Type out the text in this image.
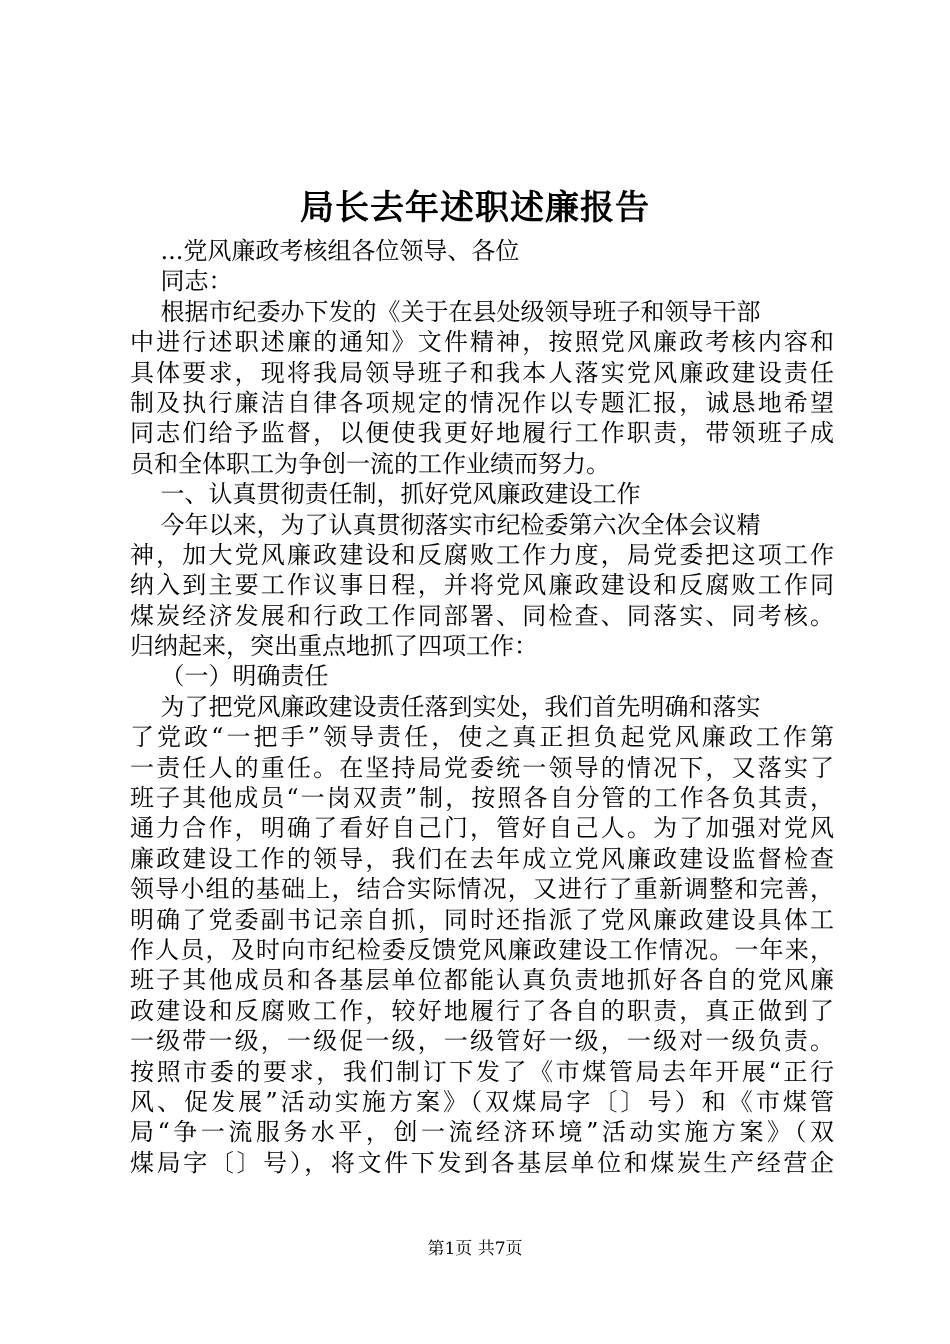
局长去年述职述廉报告
...党风廉政考核组各位领导、各位
同志：
根据市纪委办下发的《关于在县处级领导班子和领导干部
中进行述职述廉的通知》文件精神，按照党风廉政考核内容和
具体要求，现将我局领导班子和我本人落实党风廉政建设责任
制及执行廉洁自律各项规定的情况作以专题汇报，诚恳地希望
同志们给予监督，以便使我更好地履行工作职责，带领班子成
员和全体职工为争创一流的工作业绩而努力。
一、认真贯彻责任制，抓好党风廉政建设工作
今年以来，为了认真贯彻落实市纪检委第六次全体会议精
神，加大党风廉政建设和反腐败工作力度，局党委把这项工作
纳入到主要工作议事日程，并将党风廉政建设和反腐败工作同
煤炭经济发展和行政工作同部署、同检查、同落实、同考核。
归纳起来，突出重点地抓了四项工作：
（一）明确责任
为了把党风廉政建设责任落到实处，我们首先明确和落实
了党政“一把手”领导责任，使之真正担负起党风廉政工作第
一责任人的重任。在坚持局党委统一领导的情况下，又落实了
班子其他成员“一岗双责”制，按照各自分管的工作各负其责，
通力合作，明确了看好自己门，管好自己人。为了加强对党风
廉政建设工作的领导，我们在去年成立党风廉政建设监督检查
领导小组的基础上，结合实际情况，又进行了重新调整和完善，
明确了党委副书记亲自抓，同时还指派了党风廉政建设具体工
作人员，及时向市纪检委反馈党风廉政建设工作情况。一年来，
班子其他成员和各基层单位都能认真负责地抓好各自的党风廉
政建设和反腐败工作，较好地履行了各自的职责，真正做到了
一级带一级，一级促一级，一级管好一级，一级对一级负责。
按照市委的要求，我们制订下发了《市煤管局去年开展“正行
风、促发展”活动实施方案》（双煤局字〔〕号）和《市煤管
局“争一流服务水平，创一流经济环境”活动实施方案》（双
煤局字〔〕号），将文件下发到各基层单位和煤炭生产经营企
第1页 共7页
